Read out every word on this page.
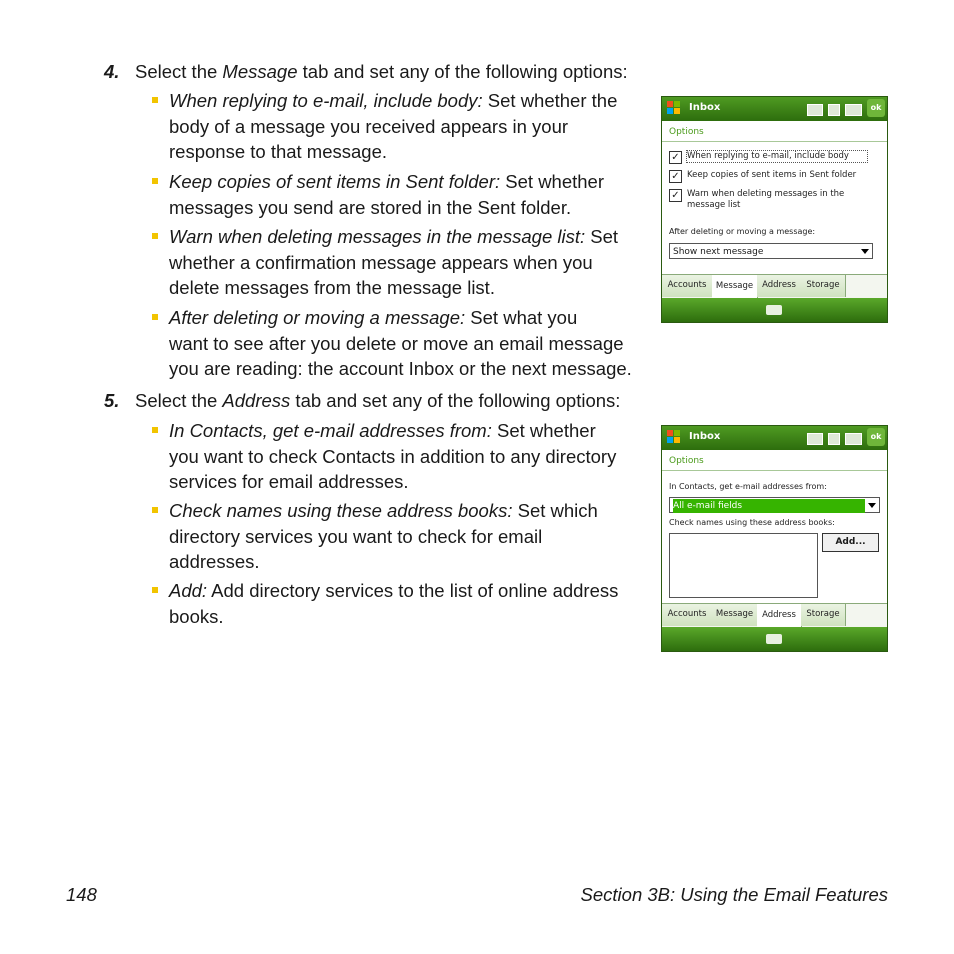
4. Select the Message tab and set any of the following options:
When replying to e-mail, include body: Set whether the
body of a message you received appears in your
response to that message.
Keep copies of sent items in Sent folder: Set whether
messages you send are stored in the Sent folder.
Warn when deleting messages in the message list: Set
whether a confirmation message appears when you
delete messages from the message list.
After deleting or moving a message: Set what you
want to see after you delete or move an email message
you are reading: the account Inbox or the next message.
5. Select the Address tab and set any of the following options:
In Contacts, get e-mail addresses from: Set whether
you want to check Contacts in addition to any directory
services for email addresses.
Check names using these address books: Set which
directory services you want to check for email
addresses.
Add: Add directory services to the list of online address
books.
Inbox	ok
Options
✓ When replying to e-mail, include body
✓ Keep copies of sent items in Sent folder
✓ Warn when deleting messages in the message list
After deleting or moving a message:
Show next message
Accounts	Message	Address	Storage
Inbox	ok
Options
In Contacts, get e-mail addresses from:
All e-mail fields
Check names using these address books:
Add...
Accounts	Message	Address	Storage
148	Section 3B: Using the Email Features
